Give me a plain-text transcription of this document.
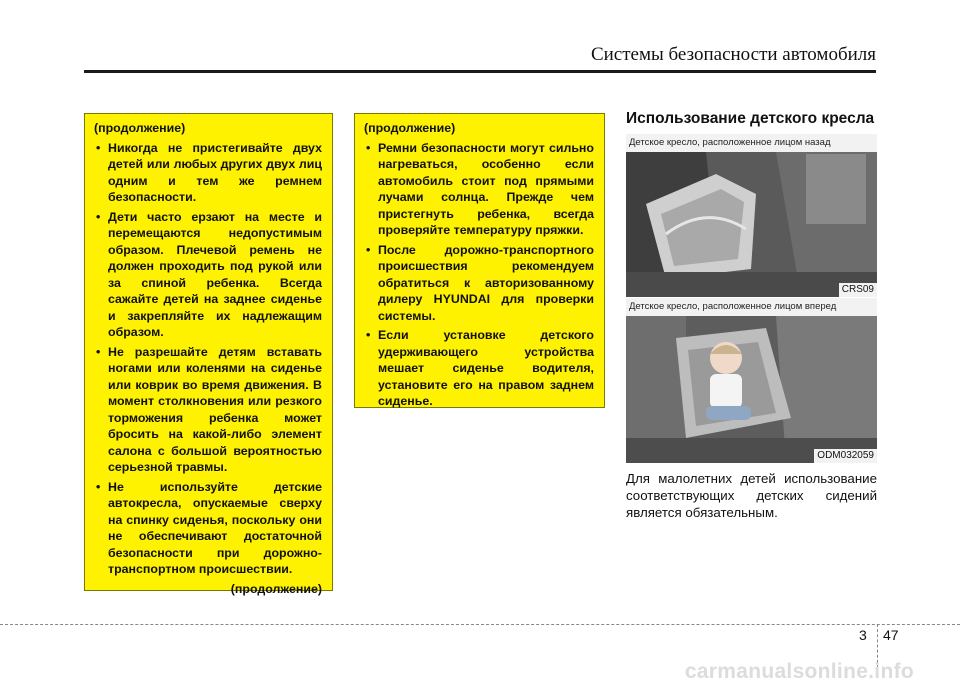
Системы безопасности автомобиля
(продолжение)
• Никогда не пристегивайте двух детей или любых других двух лиц одним и тем же ремнем безопасности.
• Дети часто ерзают на месте и перемещаются недопустимым образом. Плечевой ремень не должен проходить под рукой или за спиной ребенка. Всегда сажайте детей на заднее сиденье и закрепляйте их надлежащим образом.
• Не разрешайте детям вставать ногами или коленями на сиденье или коврик во время движения. В момент столкновения или резкого торможения ребенка может бросить на какой-либо элемент салона с большой вероятностью серьезной травмы.
• Не используйте детские автокресла, опускаемые сверху на спинку сиденья, поскольку они не обеспечивают достаточной безопасности при дорожно-транспортном происшествии.
(продолжение)
(продолжение)
• Ремни безопасности могут сильно нагреваться, особенно если автомобиль стоит под прямыми лучами солнца. Прежде чем пристегнуть ребенка, всегда проверяйте температуру пряжки.
• После дорожно-транспортного происшествия рекомендуем обратиться к авторизованному дилеру HYUNDAI для проверки системы.
• Если установке детского удерживающего устройства мешает сиденье водителя, установите его на правом заднем сиденье.
Использование детского кресла
Детское кресло, расположенное лицом назад
CRS09
Детское кресло, расположенное лицом вперед
ODM032059
Для малолетних детей использование соответствующих детских сидений является обязательным.
3 47
carmanualsonline.info
